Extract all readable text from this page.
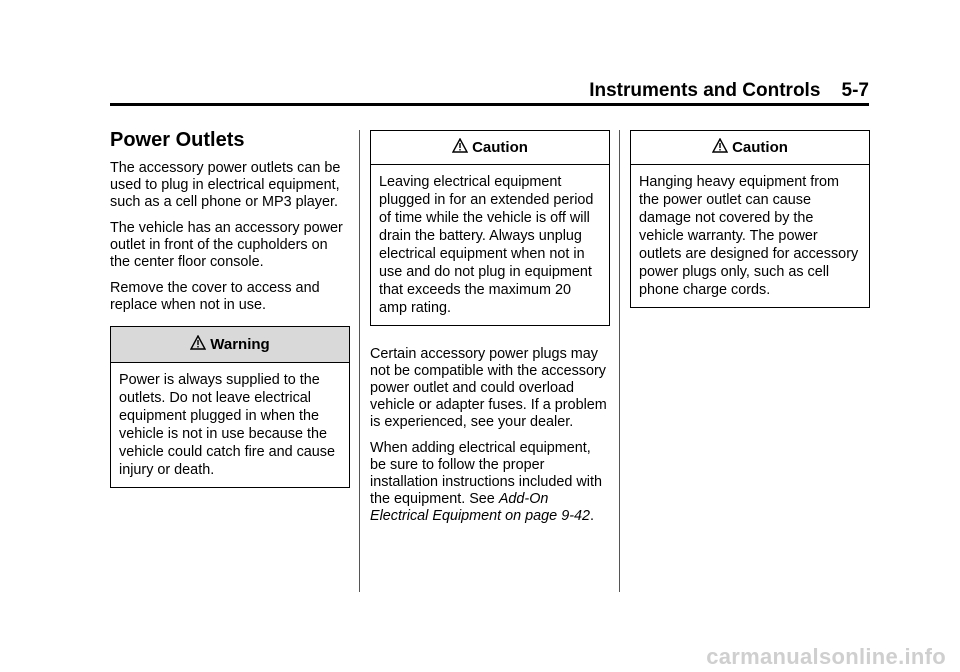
Instruments and Controls 5-7
Power Outlets

The accessory power outlets can be used to plug in electrical equipment, such as a cell phone or MP3 player.

The vehicle has an accessory power outlet in front of the cupholders on the center floor console.

Remove the cover to access and replace when not in use.

Warning

Power is always supplied to the outlets. Do not leave electrical equipment plugged in when the vehicle is not in use because the vehicle could catch fire and cause injury or death.

Caution

Leaving electrical equipment plugged in for an extended period of time while the vehicle is off will drain the battery. Always unplug electrical equipment when not in use and do not plug in equipment that exceeds the maximum 20 amp rating.

Certain accessory power plugs may not be compatible with the accessory power outlet and could overload vehicle or adapter fuses. If a problem is experienced, see your dealer.

When adding electrical equipment, be sure to follow the proper installation instructions included with the equipment. See Add-On Electrical Equipment on page 9-42.

Caution

Hanging heavy equipment from the power outlet can cause damage not covered by the vehicle warranty. The power outlets are designed for accessory power plugs only, such as cell phone charge cords.

carmanualsonline.info
